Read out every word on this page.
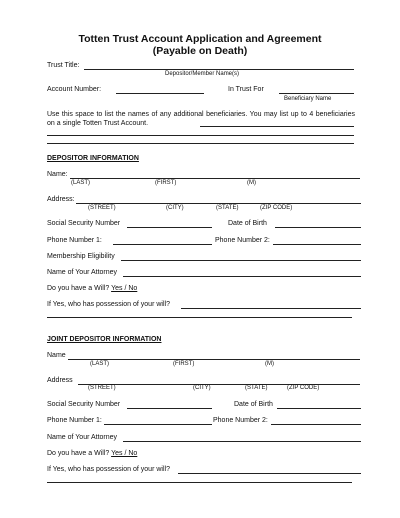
Totten Trust Account Application and Agreement
(Payable on Death)
Trust Title:
Depositor/Member Name(s)
Account Number:	In Trust For
Beneficiary Name
Use this space to list the names of any additional beneficiaries. You may list up to 4 beneficiaries on a single Totten Trust Account.
DEPOSITOR INFORMATION
Name:
(LAST)	(FIRST)	(M)
Address:
(STREET)	(CITY)	(STATE)	(ZIP CODE)
Social Security Number	Date of Birth
Phone Number 1:	Phone Number 2:
Membership Eligibility
Name of Your Attorney
Do you have a Will? Yes / No
If Yes, who has possession of your will?
JOINT DEPOSITOR INFORMATION
Name
(LAST)	(FIRST)	(M)
Address
(STREET)	(CITY)	(STATE)	(ZIP CODE)
Social Security Number	Date of Birth
Phone Number 1:	Phone Number 2:
Name of Your Attorney
Do you have a Will? Yes / No
If Yes, who has possession of your will?
